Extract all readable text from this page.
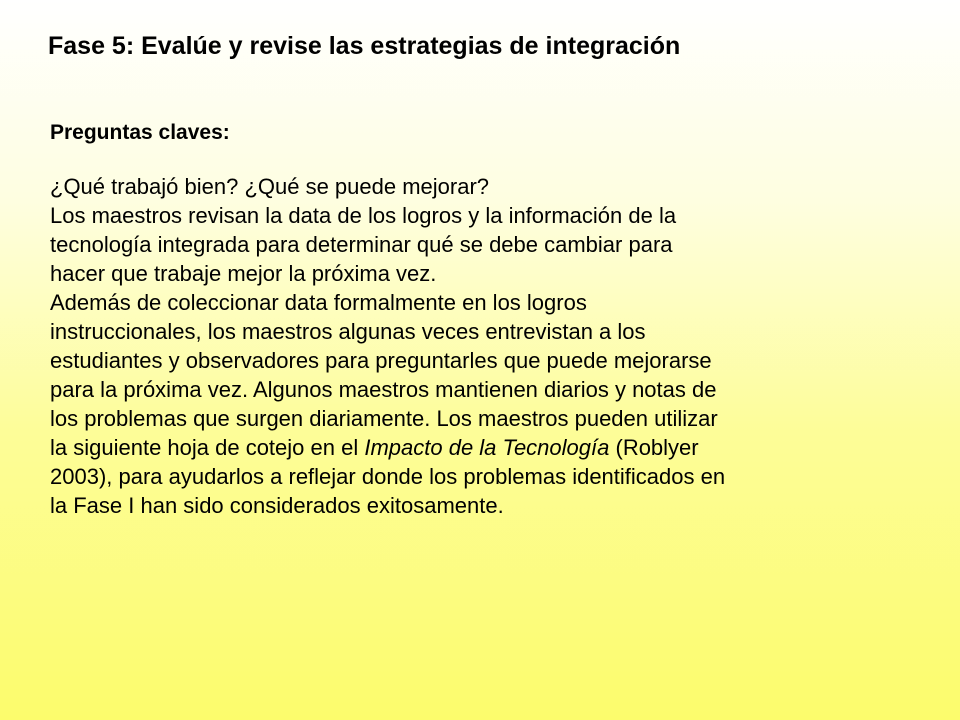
Fase 5: Evalúe y revise las estrategias de integración

Preguntas claves:

¿Qué trabajó bien? ¿Qué se puede mejorar?

Los maestros revisan la data de los logros y la información de la
tecnología integrada para determinar qué se debe cambiar para
hacer que trabaje mejor la próxima vez.

Además de coleccionar data formalmente en los logros
instruccionales, los maestros algunas veces entrevistan a los
estudiantes y observadores para preguntarles que puede mejorarse
para la próxima vez. Algunos maestros mantienen diarios y notas de
los problemas que surgen diariamente. Los maestros pueden utilizar
la siguiente hoja de cotejo en el Impacto de la Tecnología (Roblyer
2003), para ayudarlos a reflejar donde los problemas identificados en
la Fase I han sido considerados exitosamente.
